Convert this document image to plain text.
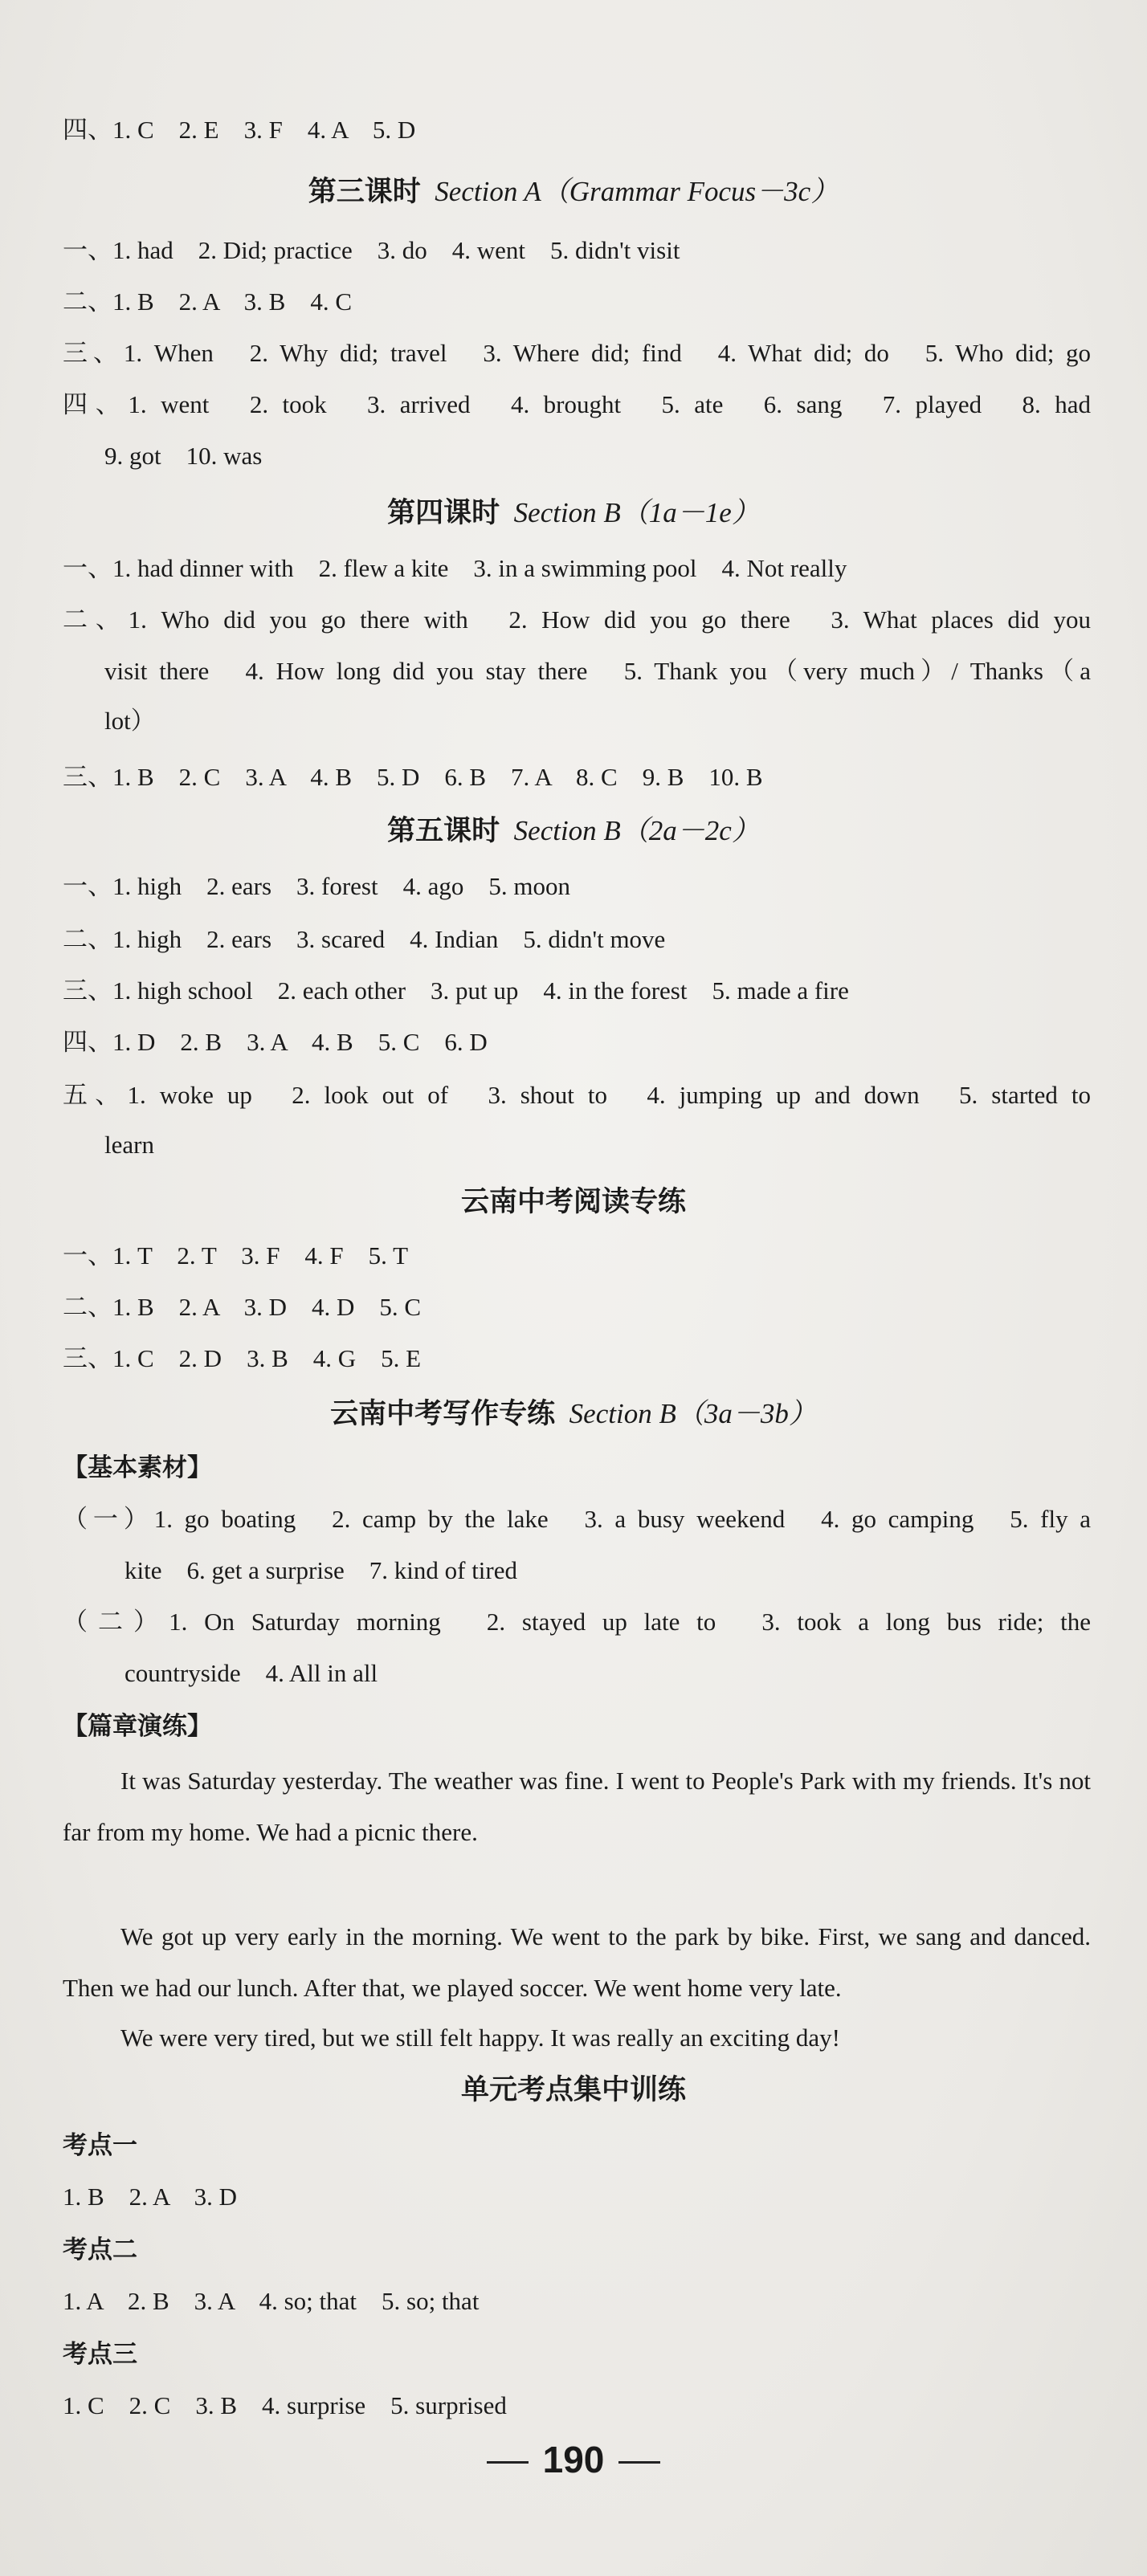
四、1. C　2. E　3. F　4. A　5. D
第三课时 Section A（Grammar Focus－3c）
一、1. had　2. Did; practice　3. do　4. went　5. didn't visit
二、1. B　2. A　3. B　4. C
三、1. When　2. Why did; travel　3. Where did; find　4. What did; do　5. Who did; go
四、1. went　2. took　3. arrived　4. brought　5. ate　6. sang　7. played　8. had
9. got　10. was
第四课时 Section B（1a－1e）
一、1. had dinner with　2. flew a kite　3. in a swimming pool　4. Not really
二、1. Who did you go there with　2. How did you go there　3. What places did you
visit there　4. How long did you stay there　5. Thank you（very much）/ Thanks（a
lot）
三、1. B　2. C　3. A　4. B　5. D　6. B　7. A　8. C　9. B　10. B
第五课时 Section B（2a－2c）
一、1. high　2. ears　3. forest　4. ago　5. moon
二、1. high　2. ears　3. scared　4. Indian　5. didn't move
三、1. high school　2. each other　3. put up　4. in the forest　5. made a fire
四、1. D　2. B　3. A　4. B　5. C　6. D
五、1. woke up　2. look out of　3. shout to　4. jumping up and down　5. started to
learn
云南中考阅读专练
一、1. T　2. T　3. F　4. F　5. T
二、1. B　2. A　3. D　4. D　5. C
三、1. C　2. D　3. B　4. G　5. E
云南中考写作专练 Section B（3a－3b）
【基本素材】
（一）1. go boating　2. camp by the lake　3. a busy weekend　4. go camping　5. fly a
kite　6. get a surprise　7. kind of tired
（二）1. On Saturday morning　2. stayed up late to　3. took a long bus ride; the
countryside　4. All in all
【篇章演练】
It was Saturday yesterday. The weather was fine. I went to People's Park with my friends. It's not far from my home. We had a picnic there.
We got up very early in the morning. We went to the park by bike. First, we sang and danced. Then we had our lunch. After that, we played soccer. We went home very late.
We were very tired, but we still felt happy. It was really an exciting day!
单元考点集中训练
考点一
1. B　2. A　3. D
考点二
1. A　2. B　3. A　4. so; that　5. so; that
考点三
1. C　2. C　3. B　4. surprise　5. surprised
190
